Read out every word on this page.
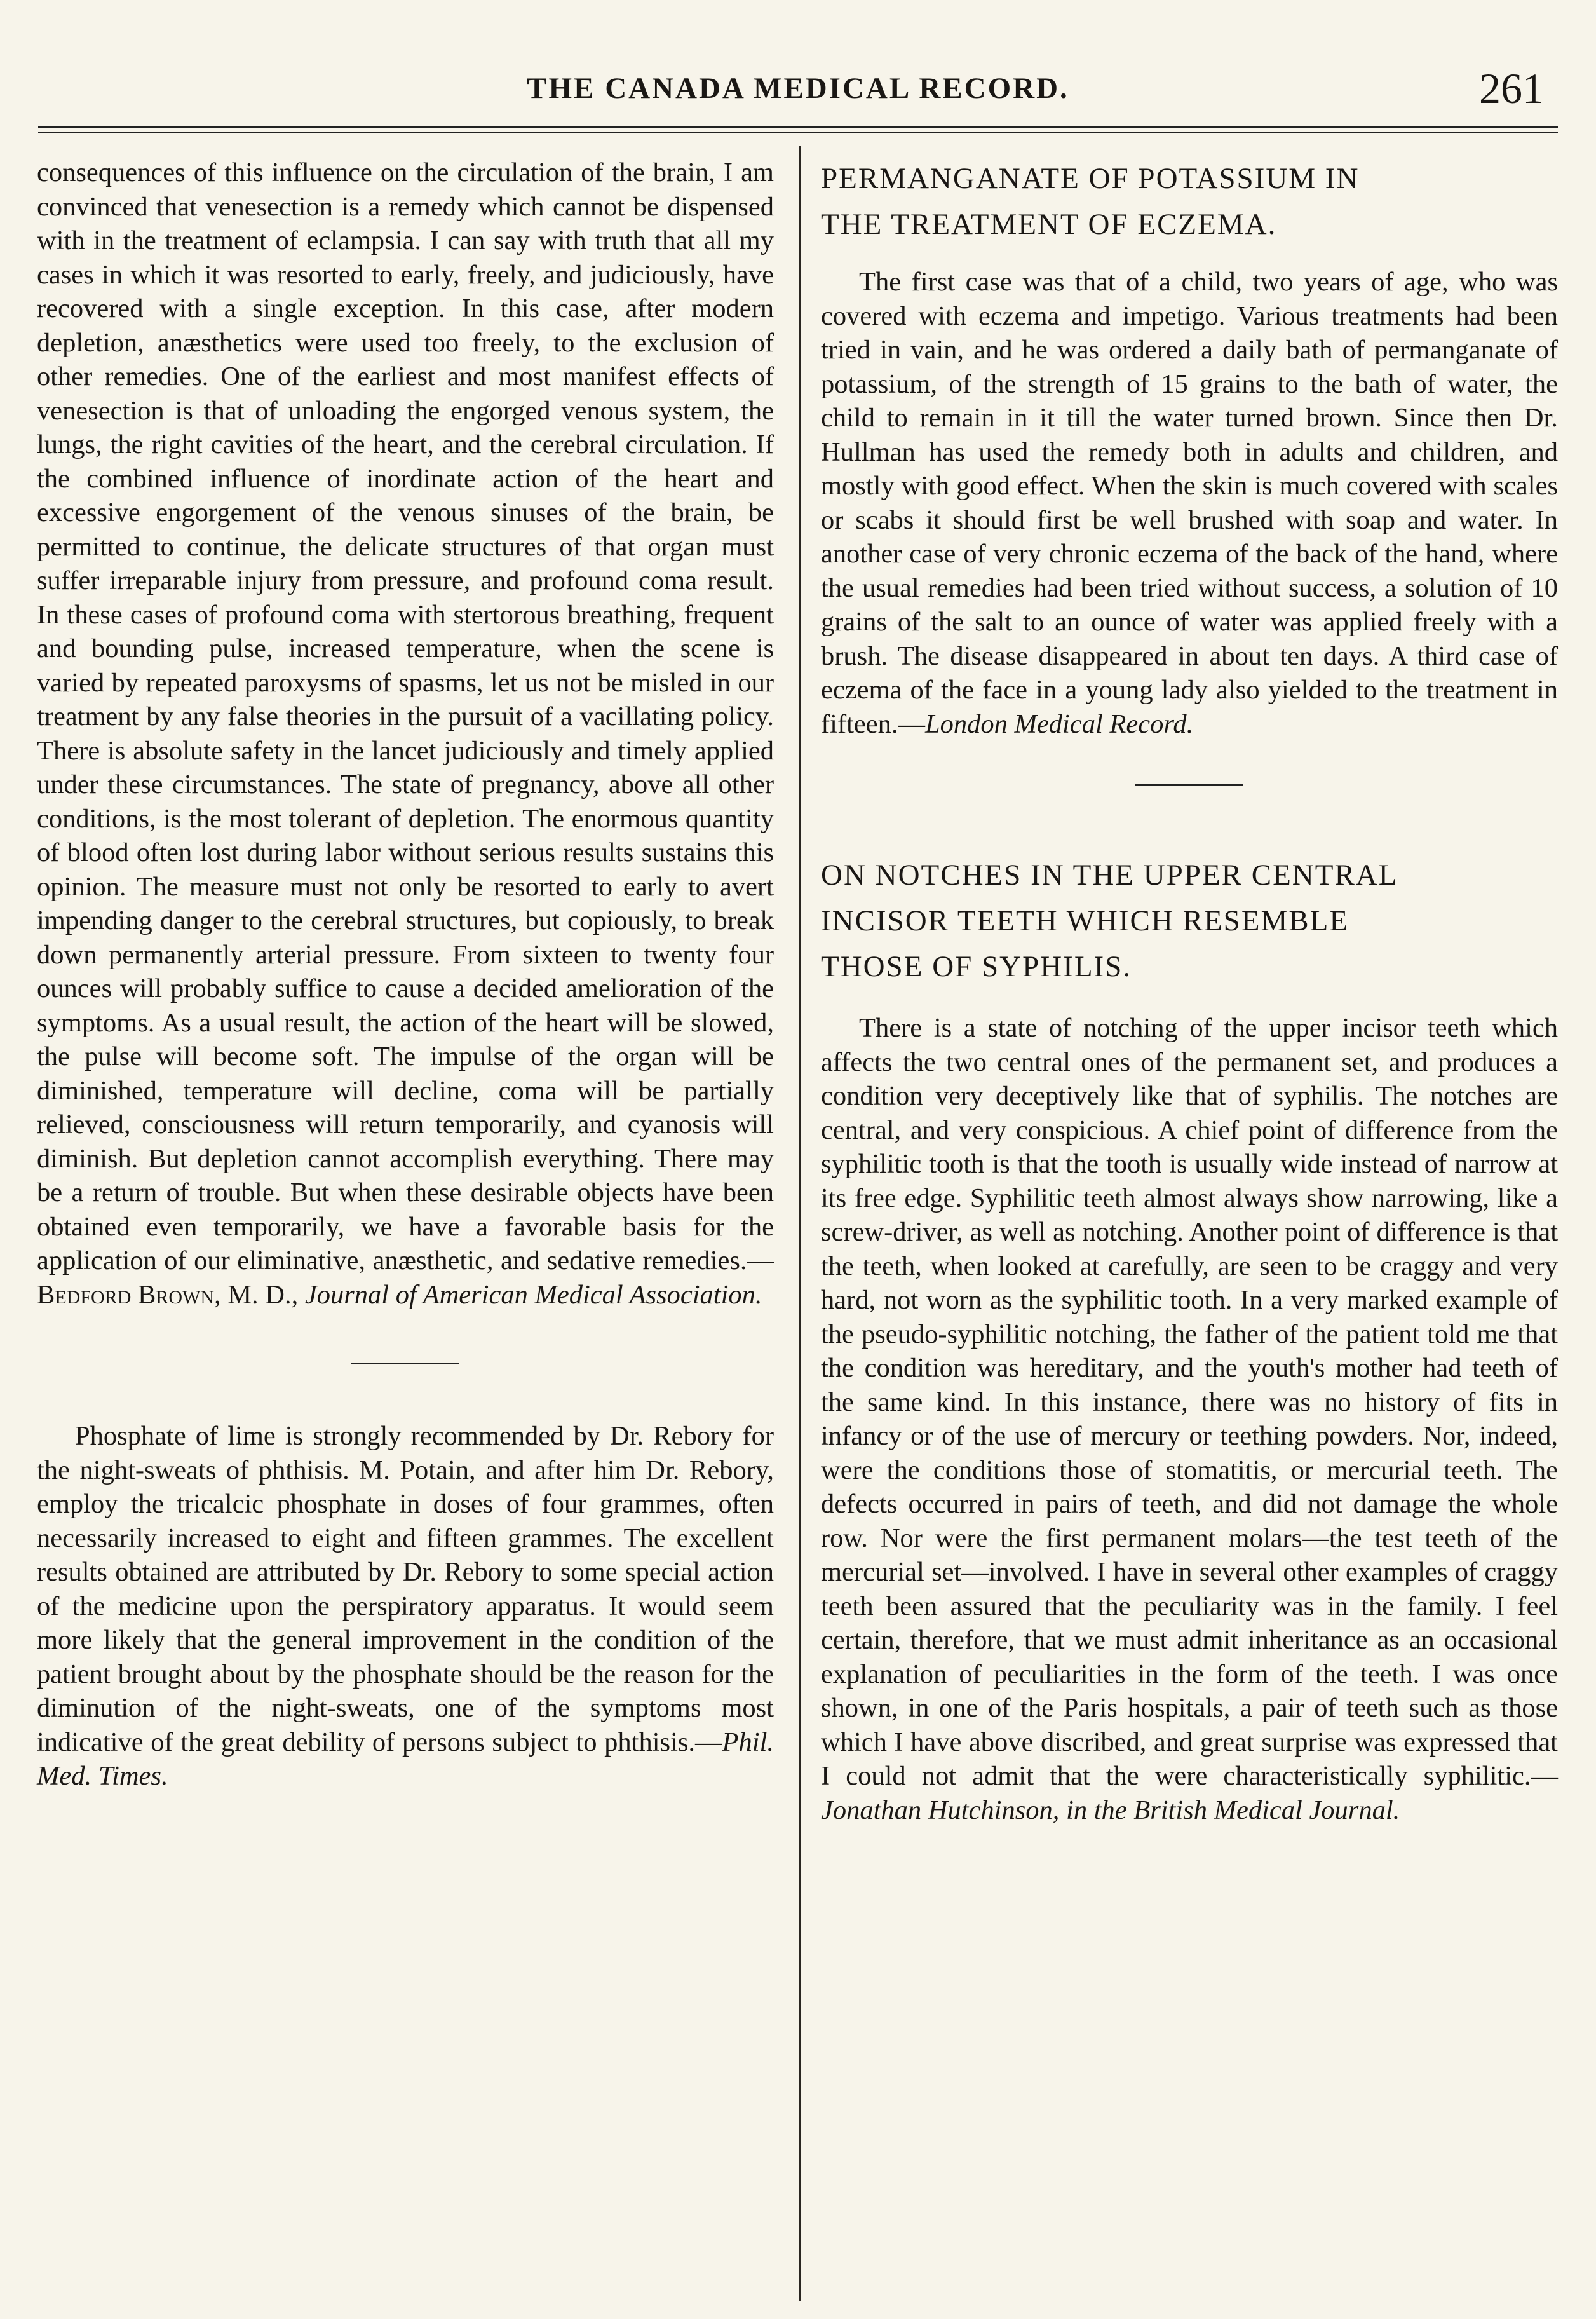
THE CANADA MEDICAL RECORD.	261

consequences of this influence on the circulation of the brain, I am convinced that venesection is a remedy which cannot be dispensed with in the treatment of eclampsia. I can say with truth that all my cases in which it was resorted to early, freely, and judiciously, have recovered with a single exception. In this case, after modern depletion, anæsthetics were used too freely, to the exclusion of other remedies. One of the earliest and most manifest effects of venesection is that of unloading the engorged venous system, the lungs, the right cavities of the heart, and the cerebral circulation. If the combined influence of inordinate action of the heart and excessive engorgement of the venous sinuses of the brain, be permitted to continue, the delicate structures of that organ must suffer irreparable injury from pressure, and profound coma result. In these cases of profound coma with stertorous breathing, frequent and bounding pulse, increased temperature, when the scene is varied by repeated paroxysms of spasms, let us not be misled in our treatment by any false theories in the pursuit of a vacillating policy. There is absolute safety in the lancet judiciously and timely applied under these circumstances. The state of pregnancy, above all other conditions, is the most tolerant of depletion. The enormous quantity of blood often lost during labor without serious results sustains this opinion. The measure must not only be resorted to early to avert impending danger to the cerebral structures, but copiously, to break down permanently arterial pressure. From sixteen to twenty four ounces will probably suffice to cause a decided amelioration of the symptoms. As a usual result, the action of the heart will be slowed, the pulse will become soft. The impulse of the organ will be diminished, temperature will decline, coma will be partially relieved, consciousness will return temporarily, and cyanosis will diminish. But depletion cannot accomplish everything. There may be a return of trouble. But when these desirable objects have been obtained even temporarily, we have a favorable basis for the application of our eliminative, anæsthetic, and sedative remedies.—Bedford Brown, M. D., Journal of American Medical Association.

Phosphate of lime is strongly recommended by Dr. Rebory for the night-sweats of phthisis. M. Potain, and after him Dr. Rebory, employ the tricalcic phosphate in doses of four grammes, often necessarily increased to eight and fifteen grammes. The excellent results obtained are attributed by Dr. Rebory to some special action of the medicine upon the perspiratory apparatus. It would seem more likely that the general improvement in the condition of the patient brought about by the phosphate should be the reason for the diminution of the night-sweats, one of the symptoms most indicative of the great debility of persons subject to phthisis.—Phil. Med. Times.

PERMANGANATE OF POTASSIUM IN

THE TREATMENT OF ECZEMA.

The first case was that of a child, two years of age, who was covered with eczema and impetigo. Various treatments had been tried in vain, and he was ordered a daily bath of permanganate of potassium, of the strength of 15 grains to the bath of water, the child to remain in it till the water turned brown. Since then Dr. Hullman has used the remedy both in adults and children, and mostly with good effect. When the skin is much covered with scales or scabs it should first be well brushed with soap and water. In another case of very chronic eczema of the back of the hand, where the usual remedies had been tried without success, a solution of 10 grains of the salt to an ounce of water was applied freely with a brush. The disease disappeared in about ten days. A third case of eczema of the face in a young lady also yielded to the treatment in fifteen.—London Medical Record.

ON NOTCHES IN THE UPPER CENTRAL

INCISOR TEETH WHICH RESEMBLE

THOSE OF SYPHILIS.

There is a state of notching of the upper incisor teeth which affects the two central ones of the permanent set, and produces a condition very deceptively like that of syphilis. The notches are central, and very conspicious. A chief point of difference from the syphilitic tooth is that the tooth is usually wide instead of narrow at its free edge. Syphilitic teeth almost always show narrowing, like a screw-driver, as well as notching. Another point of difference is that the teeth, when looked at carefully, are seen to be craggy and very hard, not worn as the syphilitic tooth. In a very marked example of the pseudo-syphilitic notching, the father of the patient told me that the condition was hereditary, and the youth's mother had teeth of the same kind. In this instance, there was no history of fits in infancy or of the use of mercury or teething powders. Nor, indeed, were the conditions those of stomatitis, or mercurial teeth. The defects occurred in pairs of teeth, and did not damage the whole row. Nor were the first permanent molars—the test teeth of the mercurial set—involved. I have in several other examples of craggy teeth been assured that the peculiarity was in the family. I feel certain, therefore, that we must admit inheritance as an occasional explanation of peculiarities in the form of the teeth. I was once shown, in one of the Paris hospitals, a pair of teeth such as those which I have above discribed, and great surprise was expressed that I could not admit that the were characteristically syphilitic.—Jonathan Hutchinson, in the British Medical Journal.
